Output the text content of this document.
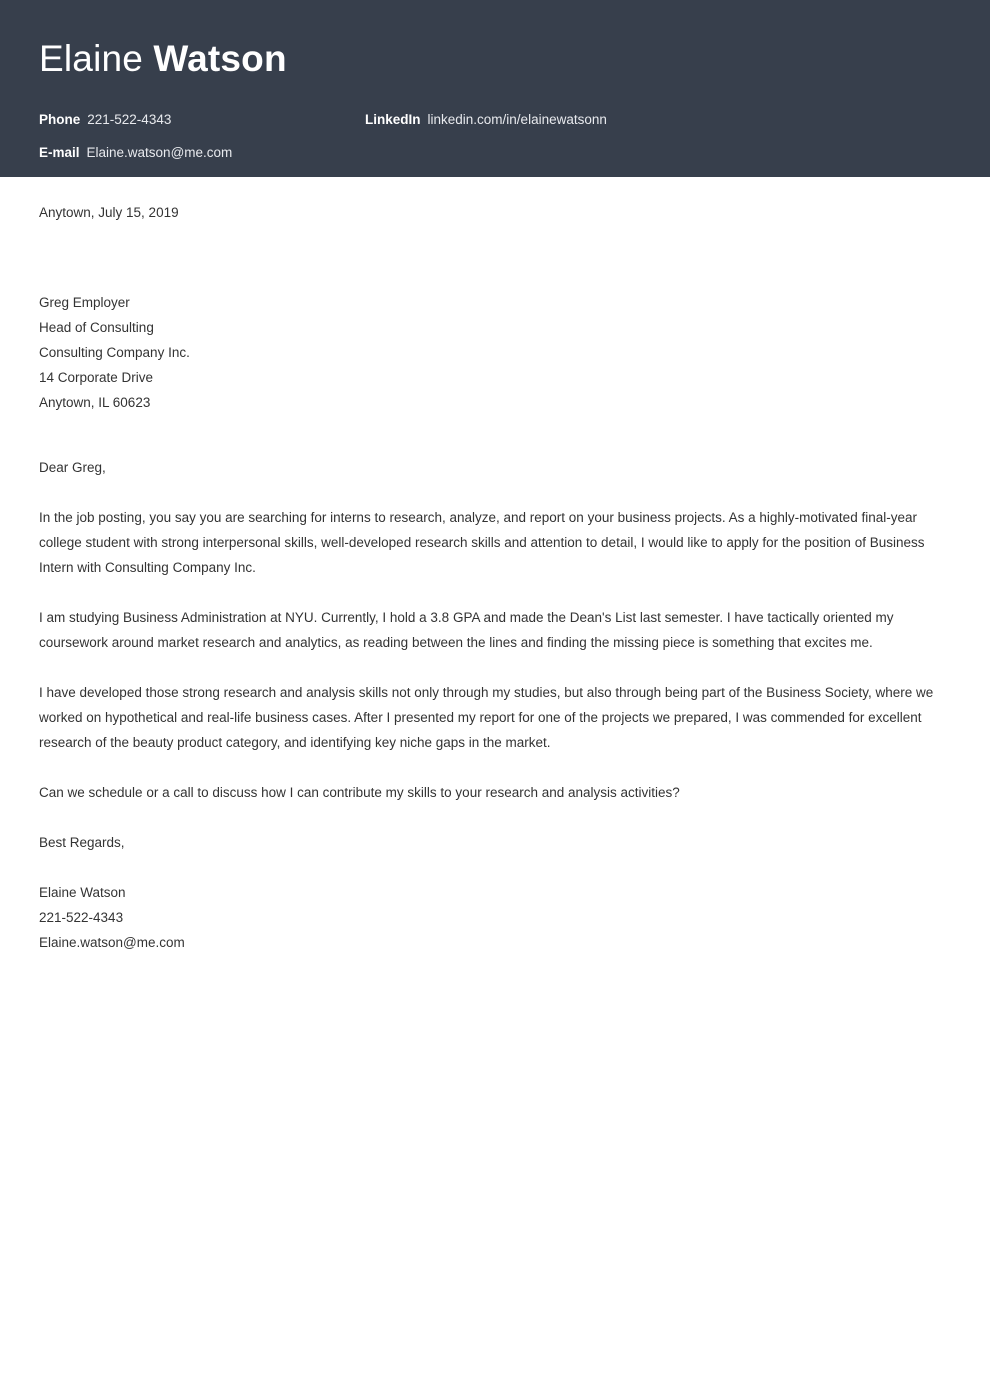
Elaine Watson
Phone 221-522-4343	LinkedIn linkedin.com/in/elainewatsonn
E-mail Elaine.watson@me.com

Anytown, July 15, 2019

Greg Employer
Head of Consulting
Consulting Company Inc.
14 Corporate Drive
Anytown, IL 60623

Dear Greg,

In the job posting, you say you are searching for interns to research, analyze, and report on your business projects. As a highly-motivated final-year college student with strong interpersonal skills, well-developed research skills and attention to detail, I would like to apply for the position of Business Intern with Consulting Company Inc.

I am studying Business Administration at NYU. Currently, I hold a 3.8 GPA and made the Dean's List last semester. I have tactically oriented my coursework around market research and analytics, as reading between the lines and finding the missing piece is something that excites me.

I have developed those strong research and analysis skills not only through my studies, but also through being part of the Business Society, where we worked on hypothetical and real-life business cases. After I presented my report for one of the projects we prepared, I was commended for excellent research of the beauty product category, and identifying key niche gaps in the market.

Can we schedule or a call to discuss how I can contribute my skills to your research and analysis activities?

Best Regards,

Elaine Watson
221-522-4343
Elaine.watson@me.com
